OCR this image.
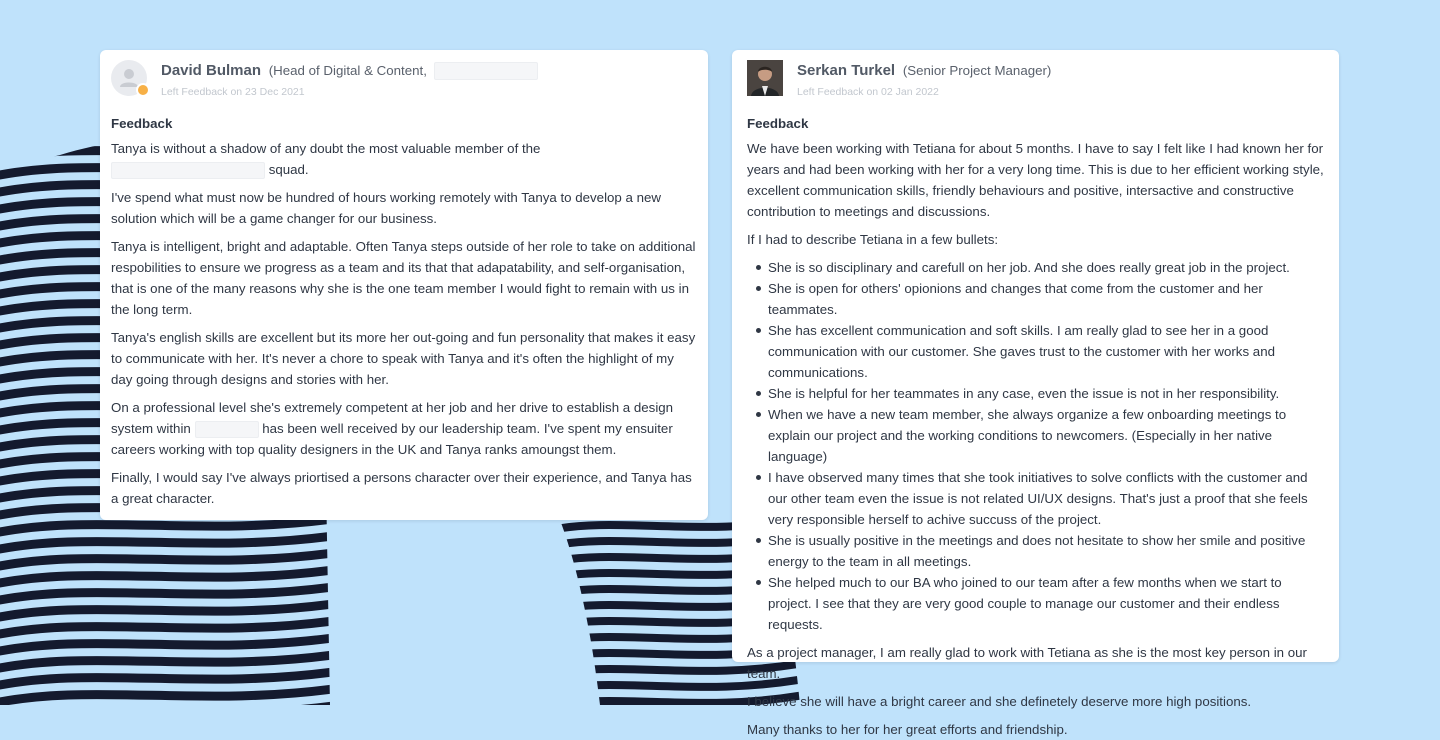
David Bulman (Head of Digital & Content,
Left Feedback on 23 Dec 2021
Feedback

Tanya is without a shadow of any doubt the most valuable member of the  squad.

I've spend what must now be hundred of hours working remotely with Tanya to develop a new solution which will be a game changer for our business.

Tanya is intelligent, bright and adaptable. Often Tanya steps outside of her role to take on additional respobilities to ensure we progress as a team and its that that adapatability, and self-organisation, that is one of the many reasons why she is the one team member I would fight to remain with us in the long term.

Tanya's english skills are excellent but its more her out-going and fun personality that makes it easy to communicate with her. It's never a chore to speak with Tanya and it's often the highlight of my day going through designs and stories with her.

On a professional level she's extremely competent at her job and her drive to establish a design system within	has been well received by our leadership team. I've spent my ensuiter careers working with top quality designers in the UK and Tanya ranks amoungst them.

Finally, I would say I've always priortised a persons character over their experience, and Tanya has a great character.

Serkan Turkel (Senior Project Manager)
Left Feedback on 02 Jan 2022
Feedback

We have been working with Tetiana for about 5 months. I have to say I felt like I had known her for years and had been working with her for a very long time. This is due to her efficient working style, excellent communication skills, friendly behaviours and positive, intersactive and constructive contribution to meetings and discussions.

If I had to describe Tetiana in a few bullets:

She is so disciplinary and carefull on her job. And she does really great job in the project.
She is open for others' opionions and changes that come from the customer and her teammates.
She has excellent communication and soft skills. I am really glad to see her in a good communication with our customer. She gaves trust to the customer with her works and communications.
She is helpful for her teammates in any case, even the issue is not in her responsibility.
When we have a new team member, she always organize a few onboarding meetings to explain our project and the working conditions to newcomers. (Especially in her native language)
I have observed many times that she took initiatives to solve conflicts with the customer and our other team even the issue is not related UI/UX designs. That's just a proof that she feels very responsible herself to achive succuss of the project.
She is usually positive in the meetings and does not hesitate to show her smile and positive energy to the team in all meetings.
She helped much to our BA who joined to our team after a few months when we start to project. I see that they are very good couple to manage our customer and their endless requests.

As a project manager, I am really glad to work with Tetiana as she is the most key person in our team.

I believe she will have a bright career and she definetely deserve more high positions.

Many thanks to her for her great efforts and friendship.
